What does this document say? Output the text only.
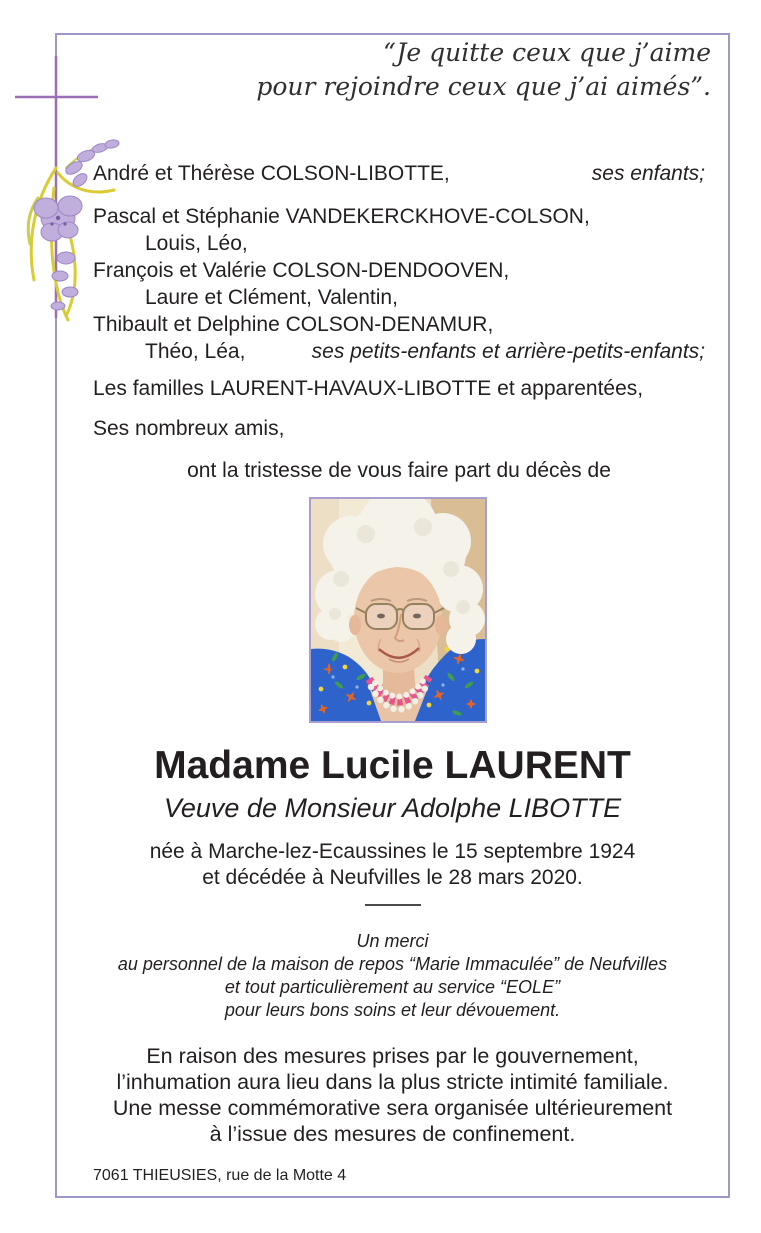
“Je quitte ceux que j’aime
pour rejoindre ceux que j’ai aimés”.
André et Thérèse COLSON-LIBOTTE,	ses enfants;
Pascal et Stéphanie VANDEKERCKHOVE-COLSON,
Louis, Léo,
François et Valérie COLSON-DENDOOVEN,
Laure et Clément, Valentin,
Thibault et Delphine COLSON-DENAMUR,
Théo, Léa,	ses petits-enfants et arrière-petits-enfants;
Les familles LAURENT-HAVAUX-LIBOTTE et apparentées,
Ses nombreux amis,
ont la tristesse de vous faire part du décès de
Madame Lucile LAURENT
Veuve de Monsieur Adolphe LIBOTTE
née à Marche-lez-Ecaussines le 15 septembre 1924
et décédée à Neufvilles le 28 mars 2020.
Un merci
au personnel de la maison de repos “Marie Immaculée” de Neufvilles
et tout particulièrement au service “EOLE”
pour leurs bons soins et leur dévouement.
En raison des mesures prises par le gouvernement,
l’inhumation aura lieu dans la plus stricte intimité familiale.
Une messe commémorative sera organisée ultérieurement
à l’issue des mesures de confinement.
7061 THIEUSIES, rue de la Motte 4
